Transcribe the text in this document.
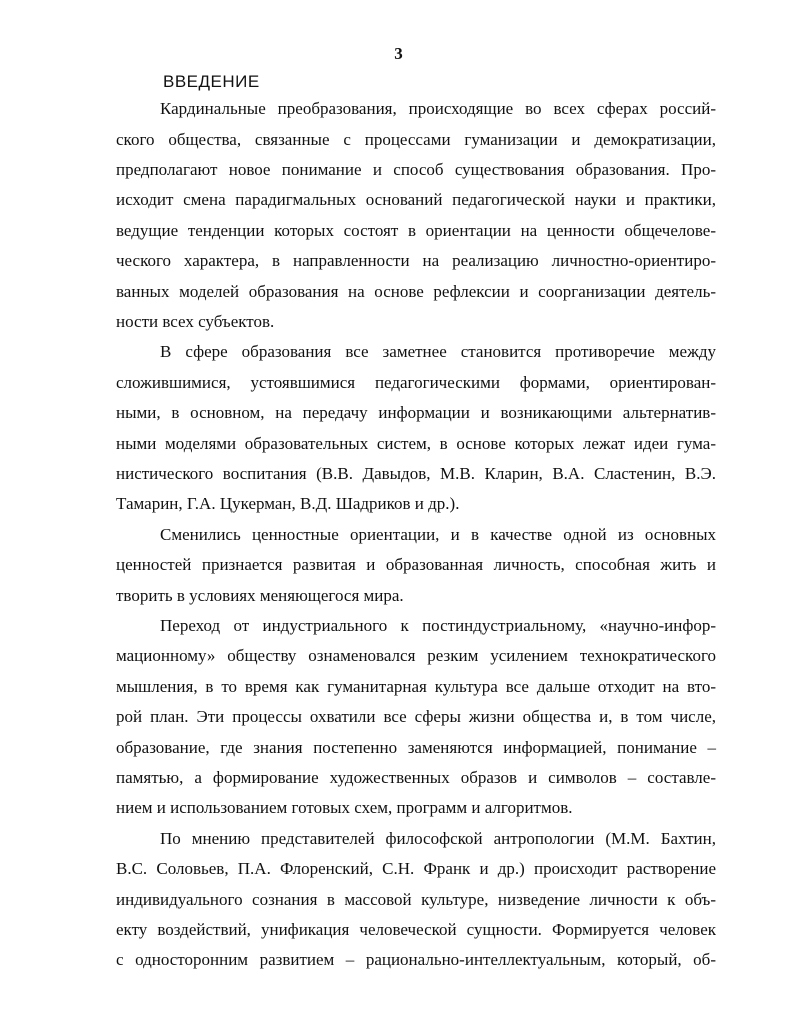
3
ВВЕДЕНИЕ
Кардинальные преобразования, происходящие во всех сферах россий-
ского общества, связанные с процессами гуманизации и демократизации,
предполагают новое понимание и способ существования образования. Про-
исходит смена парадигмальных оснований педагогической науки и практики,
ведущие тенденции которых состоят в ориентации на ценности общечелове-
ческого характера, в направленности на реализацию личностно-ориентиро-
ванных моделей образования на основе рефлексии и соорганизации деятель-
ности всех субъектов.
В сфере образования все заметнее становится противоречие между
сложившимися, устоявшимися педагогическими формами, ориентирован-
ными, в основном, на передачу информации и возникающими альтернатив-
ными моделями образовательных систем, в основе которых лежат идеи гума-
нистического воспитания (В.В. Давыдов, М.В. Кларин, В.А. Сластенин, В.Э.
Тамарин, Г.А. Цукерман, В.Д. Шадриков и др.).
Сменились ценностные ориентации, и в качестве одной из основных
ценностей признается развитая и образованная личность, способная жить и
творить в условиях меняющегося мира.
Переход от индустриального к постиндустриальному, «научно-инфор-
мационному» обществу ознаменовался резким усилением технократического
мышления, в то время как гуманитарная культура все дальше отходит на вто-
рой план. Эти процессы охватили все сферы жизни общества и, в том числе,
образование, где знания постепенно заменяются информацией, понимание –
памятью, а формирование художественных образов и символов – составле-
нием и использованием готовых схем, программ и алгоритмов.
По мнению представителей философской антропологии (М.М. Бахтин,
В.С. Соловьев, П.А. Флоренский, С.Н. Франк и др.) происходит растворение
индивидуального сознания в массовой культуре, низведение личности к объ-
екту воздействий, унификация человеческой сущности. Формируется человек
с односторонним развитием – рационально-интеллектуальным, который, об-
